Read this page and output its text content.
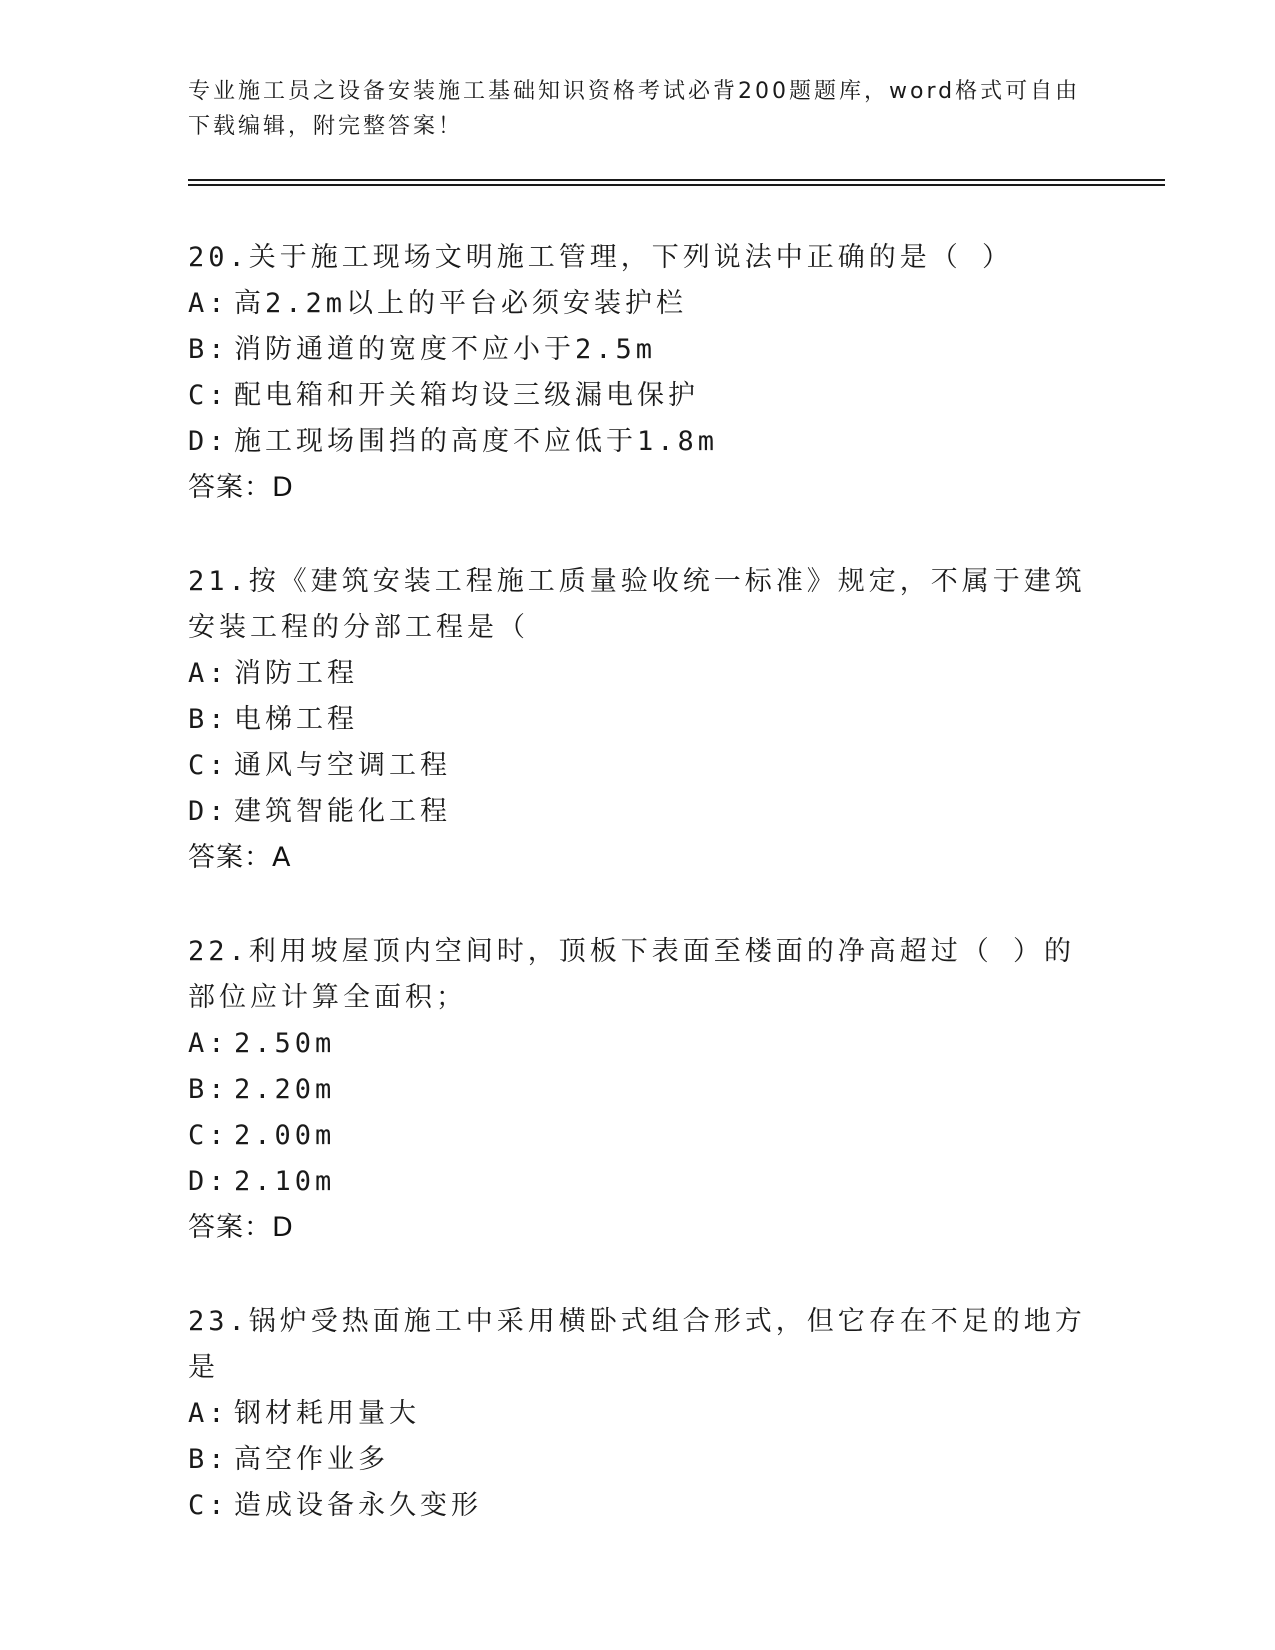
专业施工员之设备安装施工基础知识资格考试必背200题题库，word格式可自由下载编辑，附完整答案！
20.关于施工现场文明施工管理，下列说法中正确的是（ ）
A: 高2.2m以上的平台必须安装护栏
B: 消防通道的宽度不应小于2.5m
C: 配电箱和开关箱均设三级漏电保护
D: 施工现场围挡的高度不应低于1.8m
答案：D
21.按《建筑安装工程施工质量验收统一标准》规定，不属于建筑安装工程的分部工程是（
A: 消防工程
B: 电梯工程
C: 通风与空调工程
D: 建筑智能化工程
答案：A
22.利用坡屋顶内空间时，顶板下表面至楼面的净高超过（ ）的部位应计算全面积；
A: 2.50m
B: 2.20m
C: 2.00m
D: 2.10m
答案：D
23.锅炉受热面施工中采用横卧式组合形式，但它存在不足的地方是
A: 钢材耗用量大
B: 高空作业多
C: 造成设备永久变形
